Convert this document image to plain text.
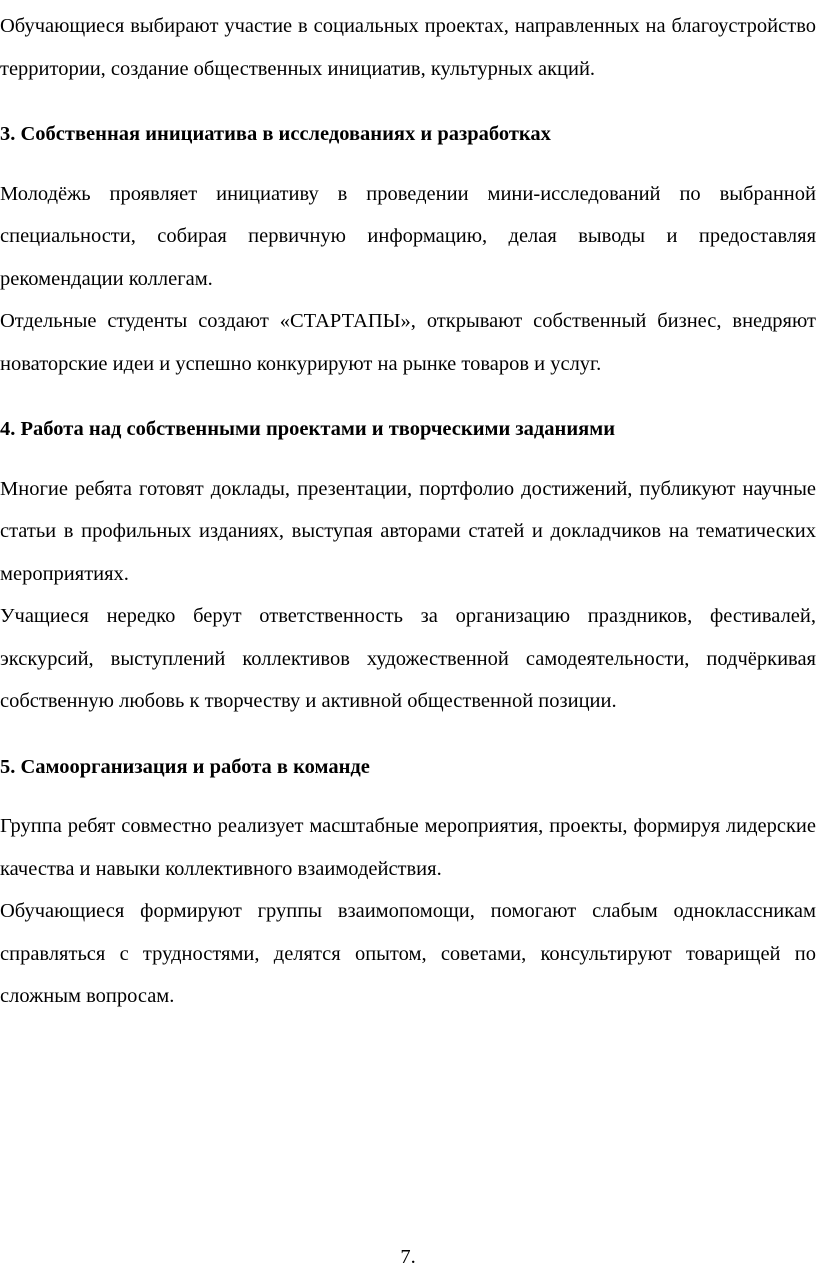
Обучающиеся выбирают участие в социальных проектах, направленных на благоустройство территории, создание общественных инициатив, культурных акций.

3. Собственная инициатива в исследованиях и разработках

Молодёжь проявляет инициативу в проведении мини-исследований по выбранной специальности, собирая первичную информацию, делая выводы и предоставляя рекомендации коллегам.

Отдельные студенты создают «СТАРТАПЫ», открывают собственный бизнес, внедряют новаторские идеи и успешно конкурируют на рынке товаров и услуг.

4. Работа над собственными проектами и творческими заданиями

Многие ребята готовят доклады, презентации, портфолио достижений, публикуют научные статьи в профильных изданиях, выступая авторами статей и докладчиков на тематических мероприятиях.

Учащиеся нередко берут ответственность за организацию праздников, фестивалей, экскурсий, выступлений коллективов художественной самодеятельности, подчёркивая собственную любовь к творчеству и активной общественной позиции.

5. Самоорганизация и работа в команде

Группа ребят совместно реализует масштабные мероприятия, проекты, формируя лидерские качества и навыки коллективного взаимодействия.

Обучающиеся формируют группы взаимопомощи, помогают слабым одноклассникам справляться с трудностями, делятся опытом, советами, консультируют товарищей по сложным вопросам.

7.
